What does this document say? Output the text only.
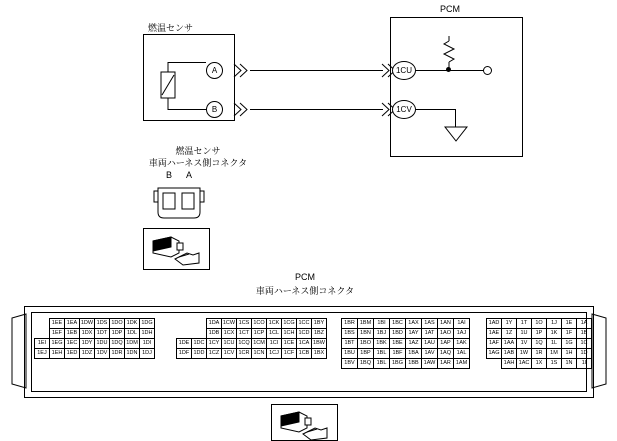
PCM
燃温センサ
A
B
1CU
1CV
燃温センサ
車両ハーネス側コネクタ
B A
PCM
車両ハーネス側コネクタ
	1EE	1EA	1DW	1DS	1DO	1DK	1DG
	1EF	1EB	1DX	1DT	1DP	1DL	1DH
1EI	1EG	1EC	1DY	1DU	1DQ	1DM	1DI
1EJ	1EH	1ED	1DZ	1DV	1DR	1DN	1DJ
		1DA	1CW	1CS	1CO	1CK	1CG	1CC	1BY
		1DB	1CX	1CT	1CP	1CL	1CH	1CD	1BZ
1DE	1DC	1CY	1CU	1CQ	1CM	1CI	1CE	1CA	1BW
1DF	1DD	1CZ	1CV	1CR	1CN	1CJ	1CF	1CB	1BX
1BR	1BM	1BI	1BC	1AX	1AS	1AN	1AI
1BS	1BN	1BJ	1BD	1AY	1AT	1AO	1AJ
1BT	1BO	1BK	1BE	1AZ	1AU	1AP	1AK
1BU	1BP	1BL	1BF	1BA	1AV	1AQ	1AL
1BV	1BQ	1BL	1BG	1BB	1AW	1AR	1AM
1AD	1Y	1T	1O	1J	1E	1A
1AE	1Z	1U	1P	1K	1F	1B
1AF	1AA	1V	1Q	1L	1G	1C
1AG	1AB	1W	1R	1M	1H	1D
	1AH	1AC	1X	1S	1N	1I
